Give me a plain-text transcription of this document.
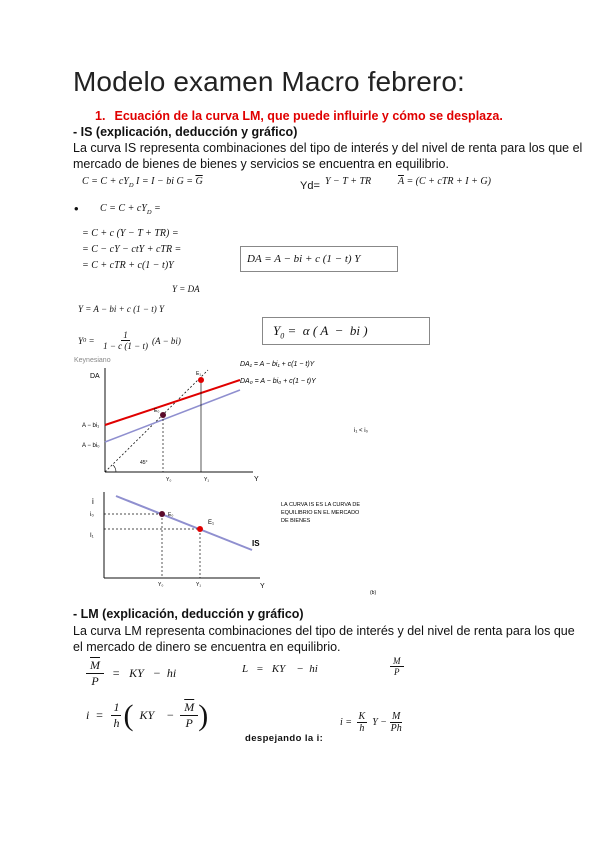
Modelo examen Macro febrero:
1. Ecuación de la curva LM, que puede influirle y cómo se desplaza.
- IS (explicación, deducción y gráfico)
La curva IS representa combinaciones del tipo de interés y del nivel de renta para los que el
mercado de bienes de bienes y servicios se encuentra en equilibrio.
$C = C + cY_D$ I = I − bi $G = \overline{G}$	Yd= Y − T + TR	$\overline{A} = (C$ + cTR + I + G)
• $C = C + cY_D$ =
= C + c (Y − T + TR) =
= C − cY − ctY + cTR =
= C + cTR + c(1 − t)Y
DA = A − bi + c (1 − t) Y
Y = DA
Y = A − bi + c (1 − t) Y
Y $0 = \frac{1}{1 - c (1 - t)} (A - bi)$
$Y_0 = \alpha$ ( A  −  bi )
Keynesiano
DA
Y
45°
E₀
E₁
A − bi₁
A − bi₀
Y₀	Y₁
DA₁ = A − bi₁ + c(1 − t)Y
DA₀ = A − bi₀ + c(1 − t)Y
i₁ < i₀
i
Y
E₀
E₁
i₀
I₁
IS
Y₀	Y₁
LA CURVA IS ES LA CURVA DE
EQUILIBRIO EN EL MERCADO
DE BIENES
(b)
- LM (explicación, deducción y gráfico)
La curva LM representa combinaciones del tipo de interés y del nivel de renta para los que
el mercado de dinero se encuentra en equilibrio.
$\frac{\overline{M}}{P}$ =   KY   −  hi	L   =   KY    −  hi	$\frac{M}{P}$
$i = \frac{1}{h}$ ( KY    − $\frac{\overline{M}}{P}$ )
despejando la i:
$i = \frac{K}{h}$ $Y - \frac{M}{Ph}$
